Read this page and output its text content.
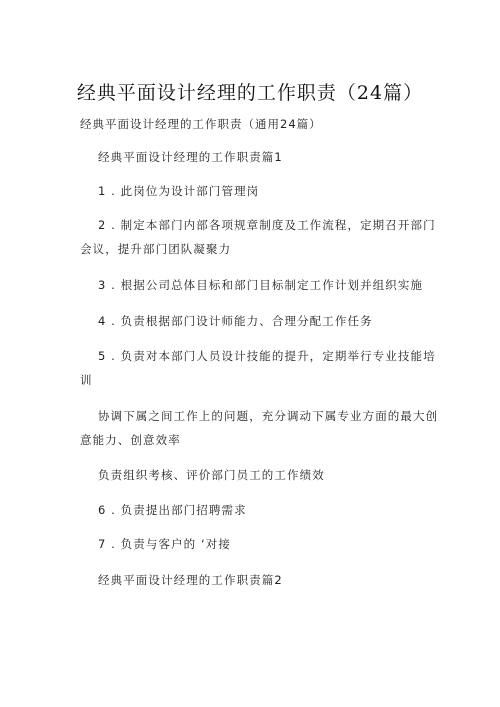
经典平面设计经理的工作职责（24篇）
经典平面设计经理的工作职责（通用24篇）
经典平面设计经理的工作职责篇1
1 . 此岗位为设计部门管理岗
2 . 制定本部门内部各项规章制度及工作流程，定期召开部门
会议，提升部门团队凝聚力
3 . 根据公司总体目标和部门目标制定工作计划并组织实施
4 . 负责根据部门设计师能力、合理分配工作任务
5 . 负责对本部门人员设计技能的提升，定期举行专业技能培
训
协调下属之间工作上的问题，充分调动下属专业方面的最大创
意能力、创意效率
负责组织考核、评价部门员工的工作绩效
6 . 负责提出部门招聘需求
7 . 负责与客户的 ‘对接
经典平面设计经理的工作职责篇2
